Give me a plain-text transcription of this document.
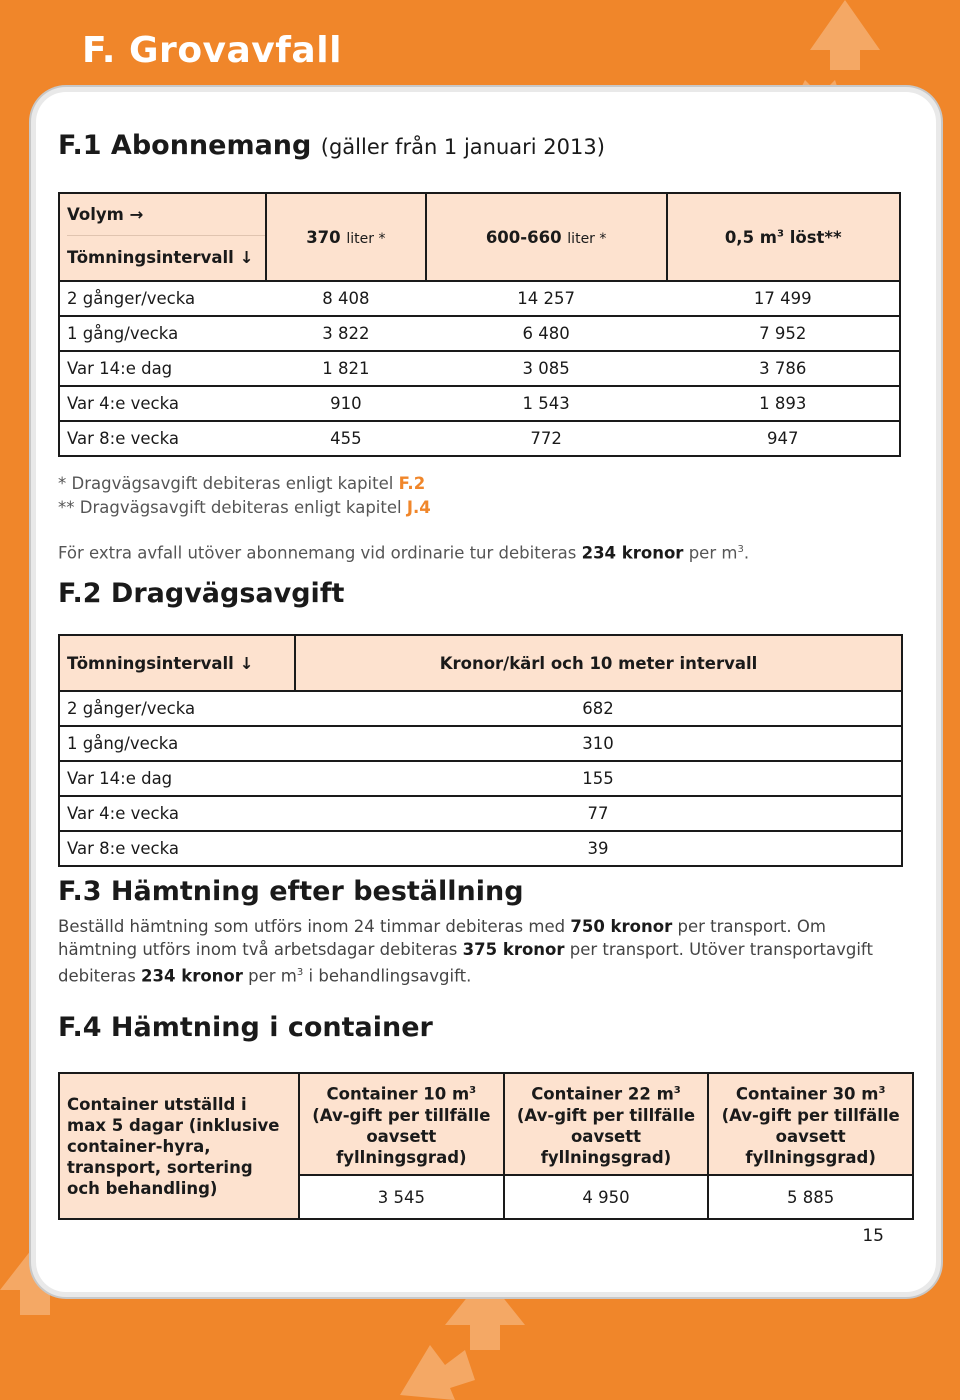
F. Grovavfall
F.1 Abonnemang (gäller från 1 januari 2013)
Volym →
Tömningsintervall ↓	370 liter *	600-660 liter *	0,5 $m^3$ löst**
2 gånger/vecka	8 408	14 257	17 499
1 gång/vecka	3 822	6 480	7 952
Var 14:e dag	1 821	3 085	3 786
Var 4:e vecka	910	1 543	1 893
Var 8:e vecka	455	772	947
* Dragvägsavgift debiteras enligt kapitel F.2
** Dragvägsavgift debiteras enligt kapitel J.4
För extra avfall utöver abonnemang vid ordinarie tur debiteras 234 kronor per $m^3$.
F.2 Dragvägsavgift
Tömningsintervall ↓	Kronor/kärl och 10 meter intervall
2 gånger/vecka	682
1 gång/vecka	310
Var 14:e dag	155
Var 4:e vecka	77
Var 8:e vecka	39
F.3 Hämtning efter beställning

Beställd hämtning som utförs inom 24 timmar debiteras med 750 kronor per transport. Om hämtning utförs inom två arbetsdagar debiteras 375 kronor per transport. Utöver transportavgift debiteras 234 kronor per $m^3$ i behandlingsavgift.

F.4 Hämtning i container
Container utställd i max 5 dagar (inklusive container-hyra, transport, sortering och behandling)	Container 10 $m^3$ (Av-gift per tillfälle oavsett fyllningsgrad)	Container 22 $m^3$ (Av-gift per tillfälle oavsett fyllningsgrad)	Container 30 $m^3$ (Av-gift per tillfälle oavsett fyllningsgrad)
	3 545	4 950	5 885
15
